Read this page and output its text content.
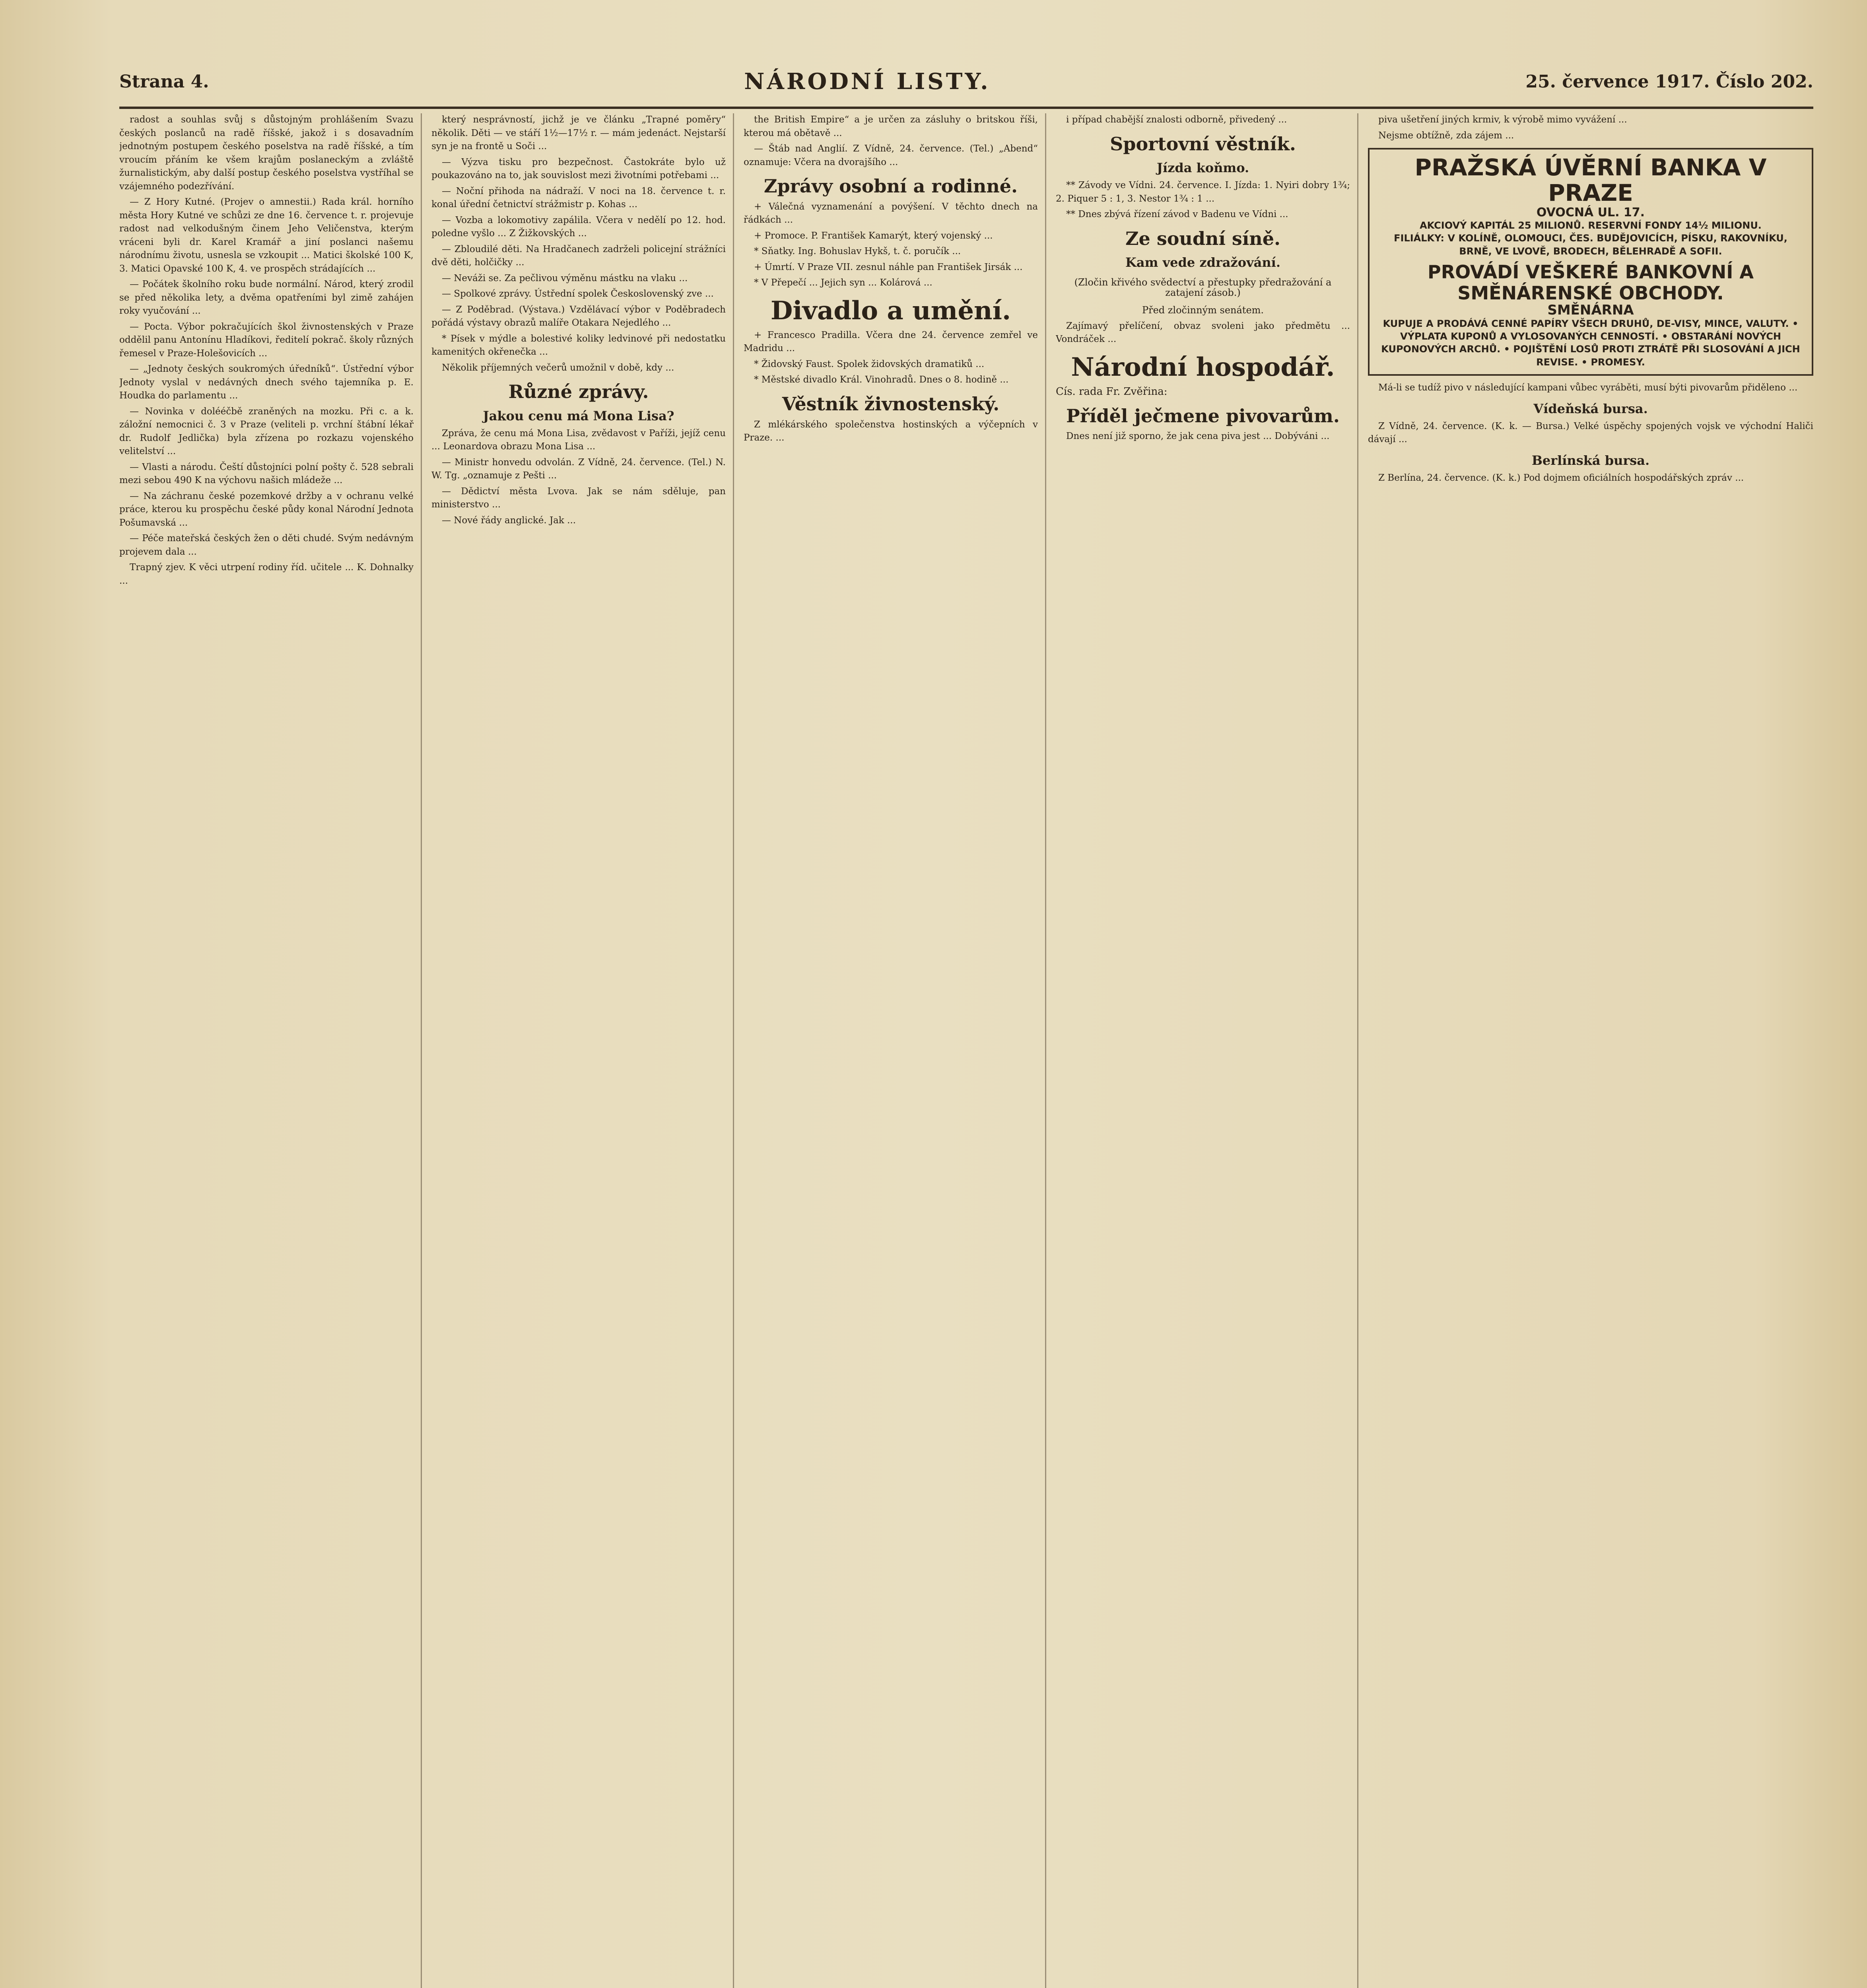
Strana 4.	NÁRODNÍ LISTY.	25. července 1917. Číslo 202.

radost a souhlas svůj s důstojným prohlášením Svazu českých poslanců na radě říšské, jakož i s dosavadním jednotným postupem českého poselstva na radě říšské, a tím vroucím přáním ke všem krajům poslaneckým a zvláště žurnalistickým, aby další postup českého poselstva vystříhal se vzájemného podezřívání.

— Z Hory Kutné. (Projev o amnestii.) Rada král. horního města Hory Kutné ve schůzi ze dne 16. července t. r. projevuje radost nad velkodušným činem Jeho Veličenstva, kterým vráceni byli dr. Karel Kramář a jiní poslanci našemu národnímu životu, usnesla se vzkoupit ... Matici školské 100 K, 3. Matici Opavské 100 K, 4. ve prospěch strádajících ...

— Počátek školního roku bude normální. Národ, který zrodil se před několika lety, a dvěma opatřeními byl zimě zahájen roky vyučování ...

— Pocta. Výbor pokračujících škol živnostenských v Praze oddělil panu Antonínu Hladíkovi, ředitelí pokrač. školy různých řemesel v Praze-Holešovicích ...

— „Jednoty českých soukromých úředníků“. Ústřední výbor Jednoty vyslal v nedávných dnech svého tajemníka p. E. Houdka do parlamentu ...

— Novinka v dolééčbě zraněných na mozku. Při c. a k. záložní nemocnici č. 3 v Praze (veliteli p. vrchní štábní lékař dr. Rudolf Jedlička) byla zřízena po rozkazu vojenského velitelství ...

— Vlasti a národu. Čeští důstojníci polní pošty č. 528 sebrali mezi sebou 490 K na výchovu našich mládeže ...

— Na záchranu české pozemkové držby a v ochranu velké práce, kterou ku prospěchu české půdy konal Národní Jednota Pošumavská ...

— Péče mateřská českých žen o děti chudé. Svým nedávným projevem dala ...

Trapný zjev. K věci utrpení rodiny říd. učitele ... K. Dohnalky ...

který nesprávností, jichž je ve článku „Trapné poměry“ několik. Děti — ve stáří 1½—17½ r. — mám jedenáct. Nejstarší syn je na frontě u Soči ...

— Výzva tisku pro bezpečnost. Častokráte bylo už poukazováno na to, jak souvislost mezi životními potřebami ...

— Noční přihoda na nádraží. V noci na 18. července t. r. konal úřední četnictví strážmistr p. Kohas ...

— Vozba a lokomotivy zapálila. Včera v nedělí po 12. hod. poledne vyšlo ... Z Žižkovských ...

— Zbloudilé děti. Na Hradčanech zadrželi policejní strážníci dvě děti, holčičky ...

— Neváži se. Za pečlivou výměnu mástku na vlaku ...

— Spolkové zprávy. Ústřední spolek Československý zve ...

— Z Poděbrad. (Výstava.) Vzdělávací výbor v Poděbradech pořádá výstavy obrazů malíře Otakara Nejedlého ...

* Písek v mýdle a bolestivé koliky ledvinové při nedostatku kamenitých okřenečka ...

Několik příjemných večerů umožnil v době, kdy ...

Různé zprávy.
Jakou cenu má Mona Lisa?

Zpráva, že cenu má Mona Lisa, zvědavost v Paříži, jejíž cenu ... Leonardova obrazu Mona Lisa ...

— Ministr honvedu odvolán. Z Vídně, 24. července. (Tel.) N. W. Tg. „oznamuje z Pešti ...

— Dědictví města Lvova. Jak se nám sděluje, pan ministerstvo ...

— Nové řády anglické. Jak ...

the British Empire“ a je určen za zásluhy o britskou říši, kterou má obětavě ...

— Štáb nad Anglií. Z Vídně, 24. července. (Tel.) „Abend“ oznamuje: Včera na dvorajšího ...

Zprávy osobní a rodinné.

+ Válečná vyznamenání a povýšení. V těchto dnech na řádkách ...

+ Promoce. P. František Kamarýt, který vojenský ...

* Sňatky. Ing. Bohuslav Hykš, t. č. poručík ...

+ Úmrtí. V Praze VII. zesnul náhle pan František Jirsák ...

* V Přepečí ... Jejich syn ... Kolárová ...

Divadlo a umění.

+ Francesco Pradilla. Včera dne 24. července zemřel ve Madridu ...

* Židovský Faust. Spolek židovských dramatiků ...

* Městské divadlo Král. Vinohradů. Dnes o 8. hodině ...

Věstník živnostenský.

Z mlékárského společenstva hostinských a výčepních v Praze. ...

i případ chabější znalosti odborně, přivedený ...

Sportovní věstník.
Jízda koňmo.

** Závody ve Vídni. 24. července. I. Jízda: 1. Nyiri dobry 1¾; 2. Piquer 5 : 1, 3. Nestor 1¾ : 1 ...

** Dnes zbývá řízení závod v Badenu ve Vídni ...

Ze soudní síně.
Kam vede zdražování.
(Zločin křivého svědectví a přestupky předražování a zatajení zásob.)
Před zločinným senátem.

Zajímavý přelíčení, obvaz svoleni jako předmětu ... Vondráček ...

Národní hospodář.
Cís. rada Fr. Zvěřina:
Příděl ječmene pivovarům.

Dnes není již sporno, že jak cena piva jest ... Dobýváni ...

piva ušetření jiných krmiv, k výrobě mimo vyvážení ...

Nejsme obtížně, zda zájem ...

PRAŽSKÁ ÚVĚRNÍ BANKA V PRAZE
OVOCNÁ UL. 17.
AKCIOVÝ KAPITÁL 25 MILIONŮ. RESERVNÍ FONDY 14½ MILIONU.
FILIÁLKY: V KOLÍNĚ, OLOMOUCI, ČES. BUDĚJOVICÍCH, PÍSKU, RAKOVNÍKU, BRNĚ, VE LVOVĚ, BRODECH, BĚLEHRADĚ A SOFII.
PROVÁDÍ VEŠKERÉ BANKOVNÍ A SMĚNÁRENSKÉ OBCHODY.
SMĚNÁRNA
KUPUJE A PRODÁVÁ CENNÉ PAPÍRY VŠECH DRUHŮ, DE-VISY, MINCE, VALUTY. • VÝPLATA KUPONŮ A VYLOSOVANÝCH CENNOSTÍ. • OBSTARÁNÍ NOVÝCH KUPONOVÝCH ARCHŮ. • POJIŠTĚNÍ LOSŮ PROTI ZTRÁTĚ PŘI SLOSOVÁNÍ A JICH REVISE. • PROMESY.

Má-li se tudíž pivo v následující kampani vůbec vyráběti, musí býti pivovarům přiděleno ...

Vídeňská bursa.

Z Vídně, 24. července. (K. k. — Bursa.) Velké úspěchy spojených vojsk ve východní Haliči dávají ...

Berlínská bursa.

Z Berlína, 24. července. (K. k.) Pod dojmem oficiálních hospodářských zpráv ...
